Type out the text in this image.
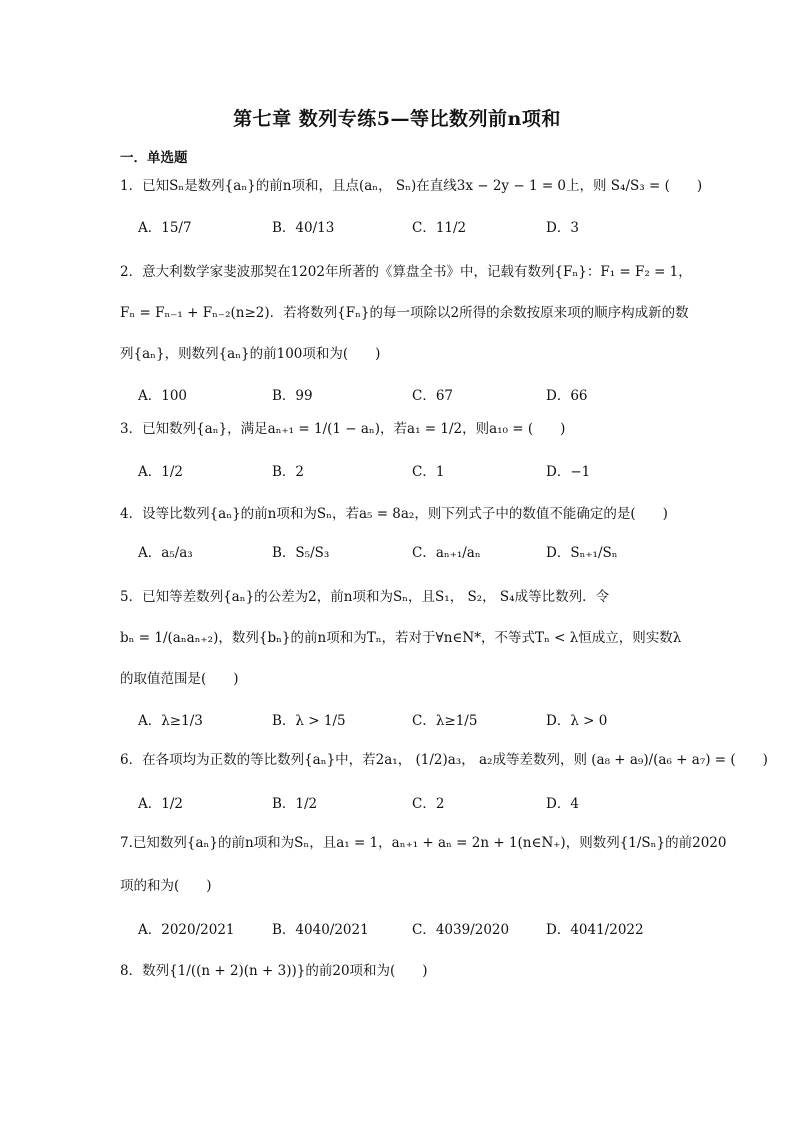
第七章 数列专练5—等比数列前n项和
一．单选题
1．已知Sₙ是数列{aₙ}的前n项和，且点(aₙ， Sₙ)在直线3x − 2y − 1 = 0上，则 S₄/S₃ = (　　)
A．15/7	B．40/13	C．11/2	D．3
2．意大利数学家斐波那契在1202年所著的《算盘全书》中，记载有数列{Fₙ}：F₁ = F₂ = 1，
Fₙ = Fₙ₋₁ + Fₙ₋₂(n≥2)．若将数列{Fₙ}的每一项除以2所得的余数按原来项的顺序构成新的数
列{aₙ}，则数列{aₙ}的前100项和为(　　)
A．100	B．99	C．67	D．66
3．已知数列{aₙ}，满足aₙ₊₁ = 1/(1 − aₙ)，若a₁ = 1/2，则a₁₀ = (　　)
A．1/2	B．2	C．1	D．−1
4．设等比数列{aₙ}的前n项和为Sₙ，若a₅ = 8a₂，则下列式子中的数值不能确定的是(　　)
A．a₅/a₃	B．S₅/S₃	C．aₙ₊₁/aₙ	D．Sₙ₊₁/Sₙ
5．已知等差数列{aₙ}的公差为2，前n项和为Sₙ，且S₁， S₂， S₄成等比数列．令
bₙ = 1/(aₙaₙ₊₂)，数列{bₙ}的前n项和为Tₙ，若对于∀n∈N*，不等式Tₙ < λ恒成立，则实数λ
的取值范围是(　　)
A．λ≥1/3	B．λ > 1/5	C．λ≥1/5	D．λ > 0
6．在各项均为正数的等比数列{aₙ}中，若2a₁， (1/2)a₃， a₂成等差数列，则 (a₈ + a₉)/(a₆ + a₇) = (　　)
A．1/2	B．1/2	C．2	D．4
7.已知数列{aₙ}的前n项和为Sₙ，且a₁ = 1，aₙ₊₁ + aₙ = 2n + 1(n∈N₊)，则数列{1/Sₙ}的前2020
项的和为(　　)
A．2020/2021	B．4040/2021	C．4039/2020	D．4041/2022
8．数列{1/((n + 2)(n + 3))}的前20项和为(　　)
